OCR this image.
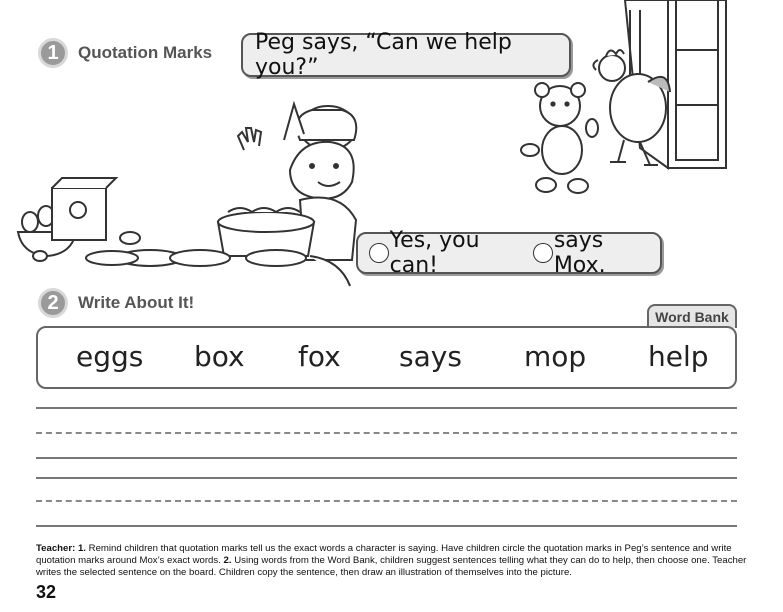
1	Quotation Marks Peg says, “Can we help you?”
Yes, you can!
says Mox.
2	Write About It!
Word Bank
eggs box fox says mop help
Teacher: 1. Remind children that quotation marks tell us the exact words a character is saying. Have children circle the quotation marks in Peg’s sentence and write quotation marks around Mox’s exact words. 2. Using words from the Word Bank, children suggest sentences telling what they can do to help, then choose one. Teacher writes the selected sentence on the board. Children copy the sentence, then draw an illustration of themselves into the picture.
32
